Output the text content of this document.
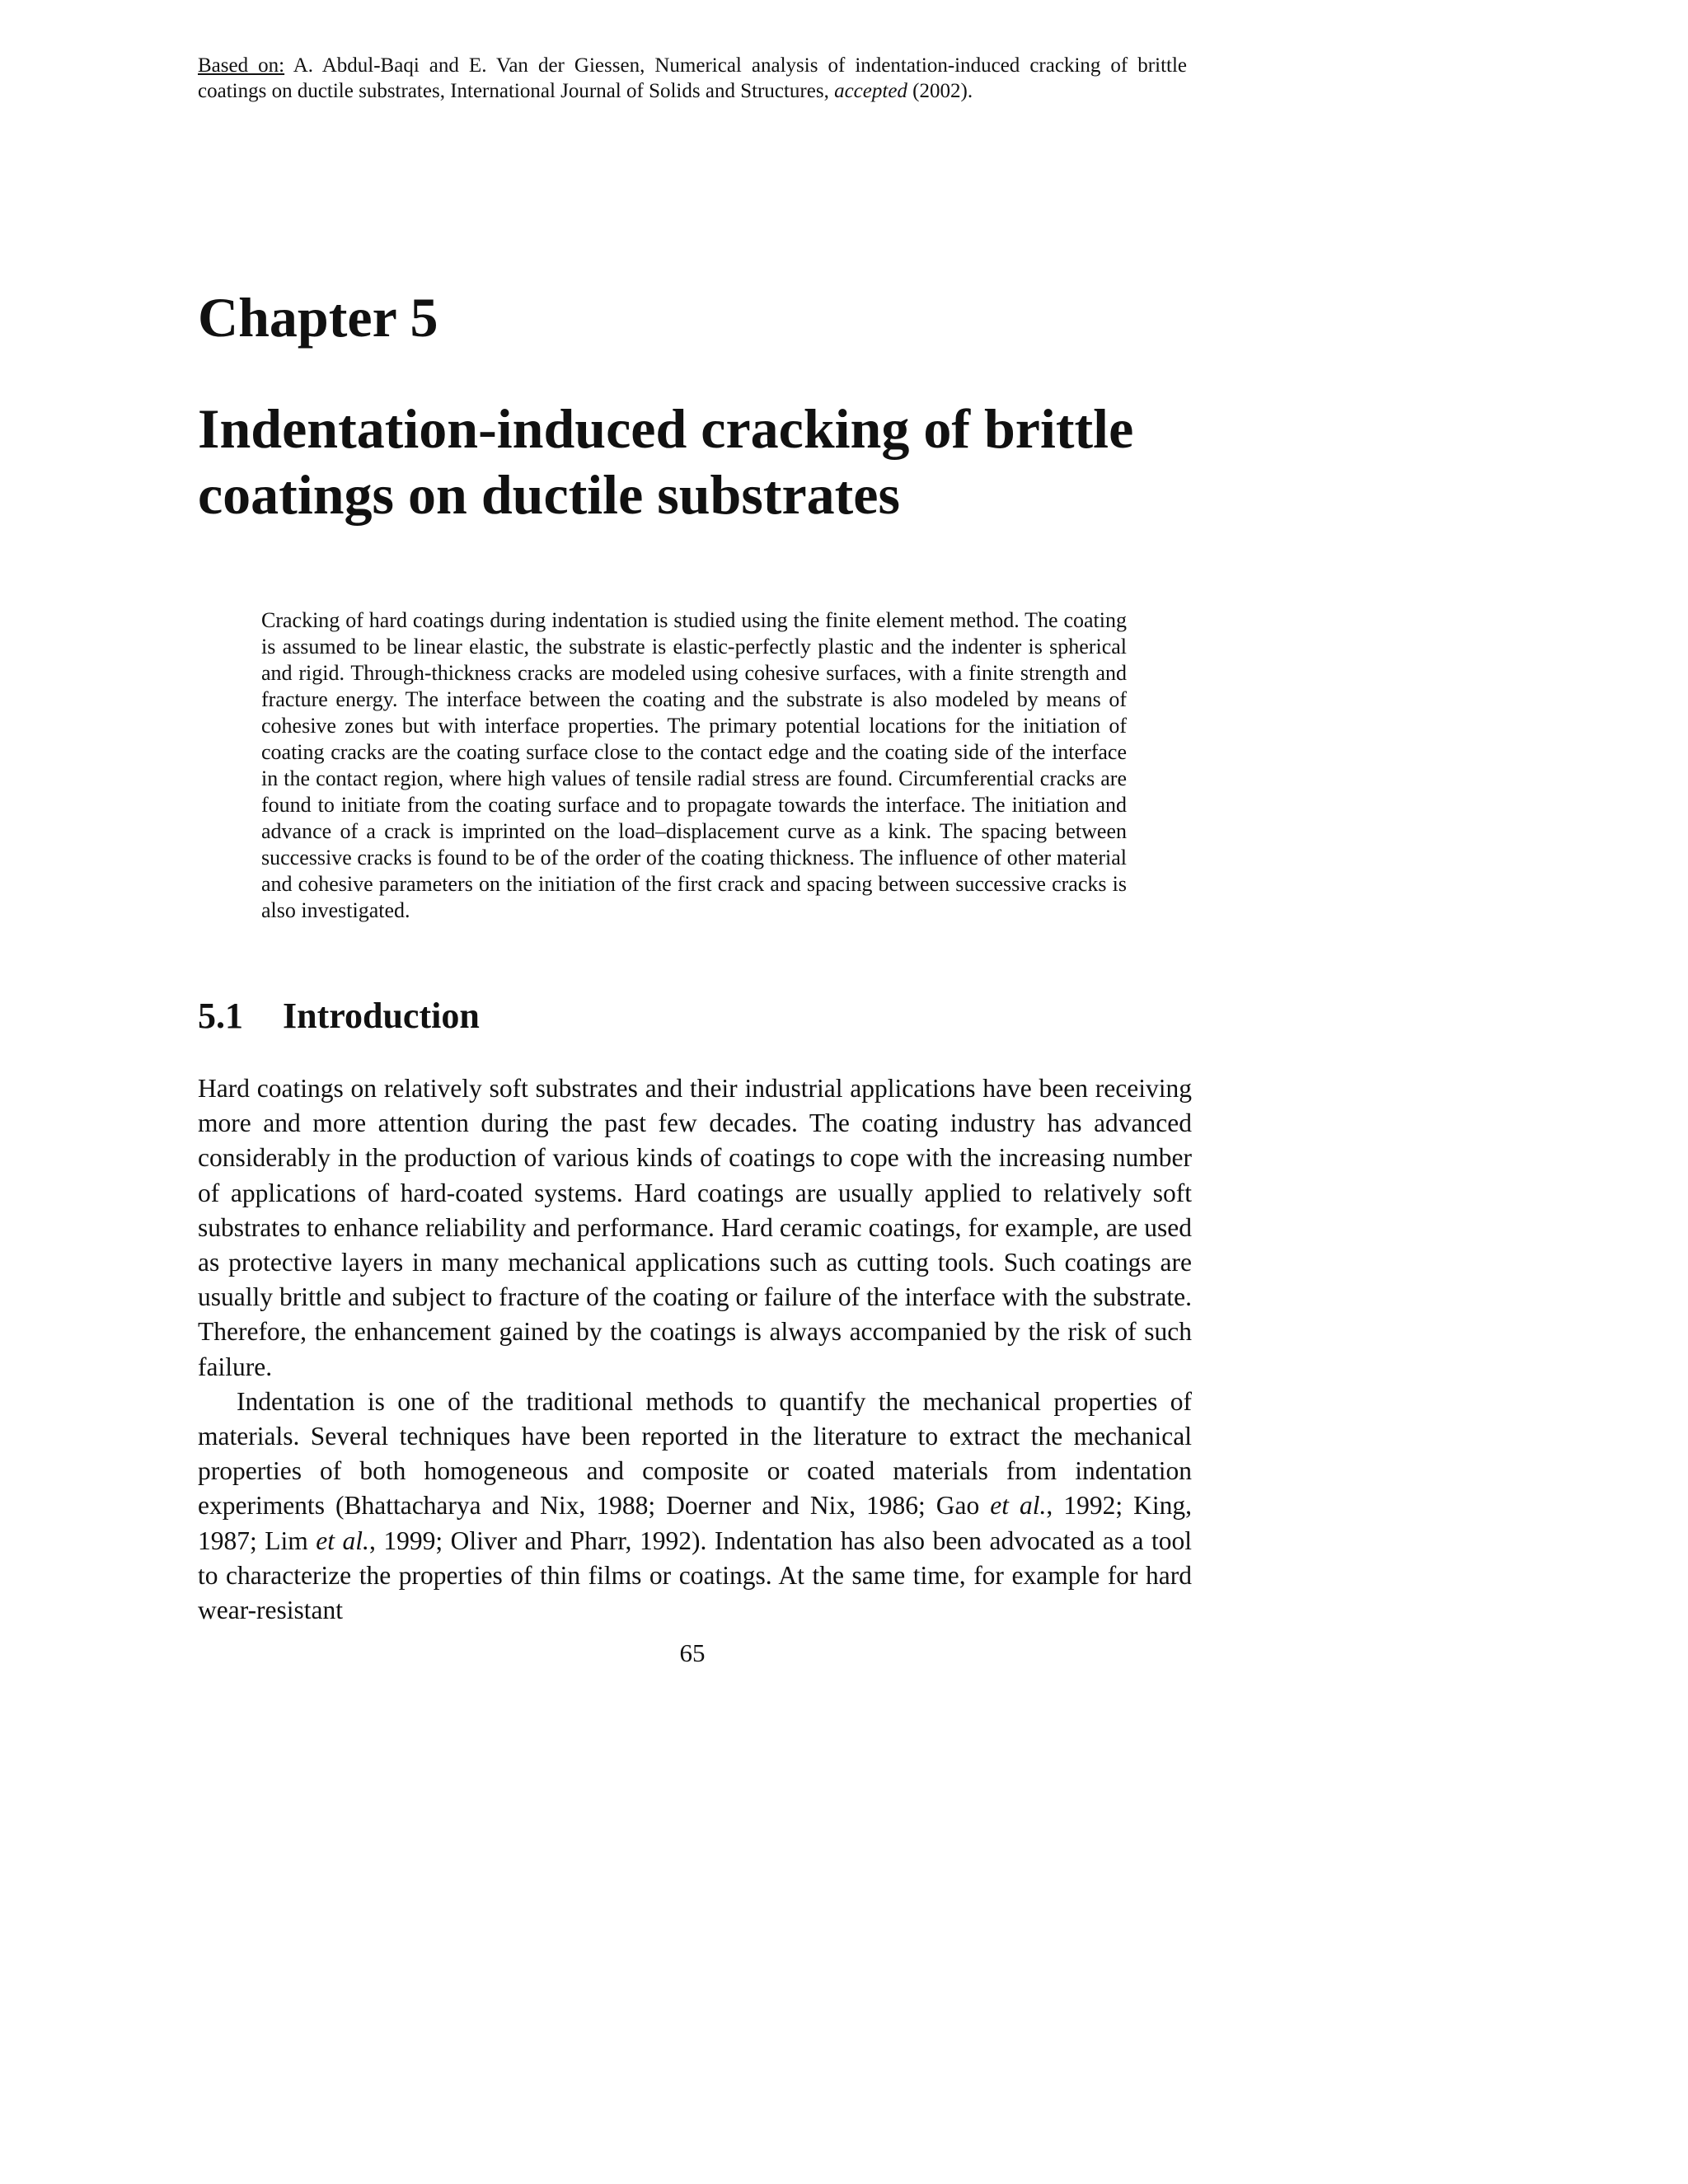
Based on: A. Abdul-Baqi and E. Van der Giessen, Numerical analysis of indentation-induced cracking of brittle coatings on ductile substrates, International Journal of Solids and Structures, accepted (2002).
Chapter 5
Indentation-induced cracking of brittle
coatings on ductile substrates

Cracking of hard coatings during indentation is studied using the finite element method. The coating is assumed to be linear elastic, the substrate is elastic-perfectly plastic and the indenter is spherical and rigid. Through-thickness cracks are modeled using cohesive surfaces, with a finite strength and fracture energy. The interface between the coating and the substrate is also modeled by means of cohesive zones but with interface properties. The primary potential locations for the initiation of coating cracks are the coating surface close to the contact edge and the coating side of the interface in the contact region, where high values of tensile radial stress are found. Circumferential cracks are found to initiate from the coating surface and to propagate towards the interface. The initiation and advance of a crack is imprinted on the load–displacement curve as a kink. The spacing between successive cracks is found to be of the order of the coating thickness. The influence of other material and cohesive parameters on the initiation of the first crack and spacing between successive cracks is also investigated.

5.1 Introduction

Hard coatings on relatively soft substrates and their industrial applications have been receiving more and more attention during the past few decades. The coating industry has advanced considerably in the production of various kinds of coatings to cope with the increasing number of applications of hard-coated systems. Hard coatings are usually applied to relatively soft substrates to enhance reliability and performance. Hard ceramic coatings, for example, are used as protective layers in many mechanical applications such as cutting tools. Such coatings are usually brittle and subject to fracture of the coating or failure of the interface with the substrate. Therefore, the enhancement gained by the coatings is always accompanied by the risk of such failure.

Indentation is one of the traditional methods to quantify the mechanical properties of materials. Several techniques have been reported in the literature to extract the mechanical properties of both homogeneous and composite or coated materials from indentation experiments (Bhattacharya and Nix, 1988; Doerner and Nix, 1986; Gao et al., 1992; King, 1987; Lim et al., 1999; Oliver and Pharr, 1992). Indentation has also been advocated as a tool to characterize the properties of thin films or coatings. At the same time, for example for hard wear-resistant

65
